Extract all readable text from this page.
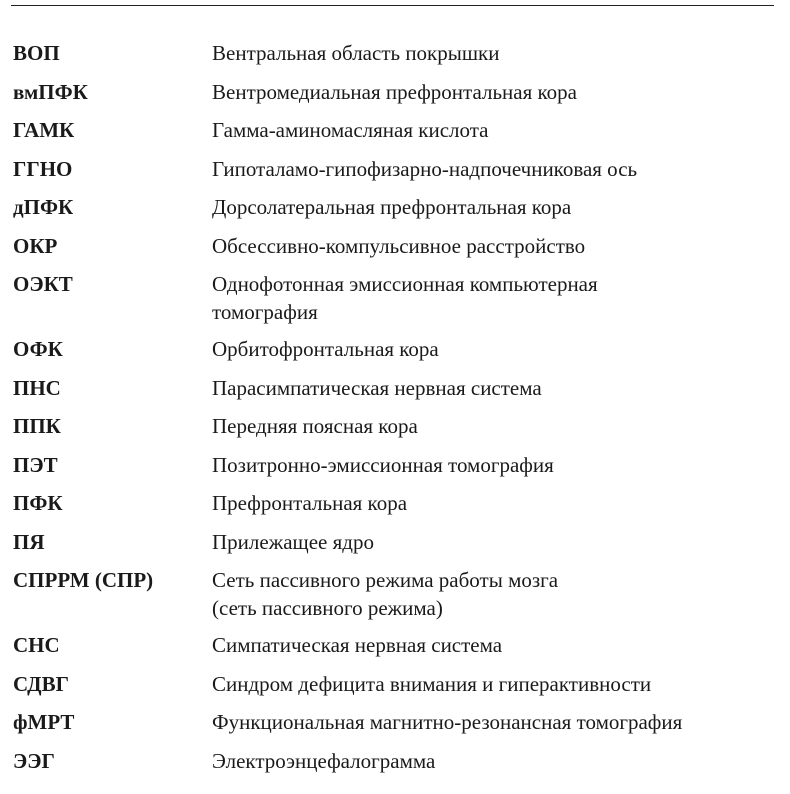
ВОП	Вентральная область покрышки
вмПФК	Вентромедиальная префронтальная кора
ГАМК	Гамма-аминомасляная кислота
ГГНО	Гипоталамо-гипофизарно-надпочечниковая ось
дПФК	Дорсолатеральная префронтальная кора
ОКР	Обсессивно-компульсивное расстройство
ОЭКТ	Однофотонная эмиссионная компьютерная
томография
ОФК	Орбитофронтальная кора
ПНС	Парасимпатическая нервная система
ППК	Передняя поясная кора
ПЭТ	Позитронно-эмиссионная томография
ПФК	Префронтальная кора
ПЯ	Прилежащее ядро
СПРРМ (СПР)	Сеть пассивного режима работы мозга
(сеть пассивного режима)
СНС	Симпатическая нервная система
СДВГ	Синдром дефицита внимания и гиперактивности
фМРТ	Функциональная магнитно-резонансная томография
ЭЭГ	Электроэнцефалограмма
